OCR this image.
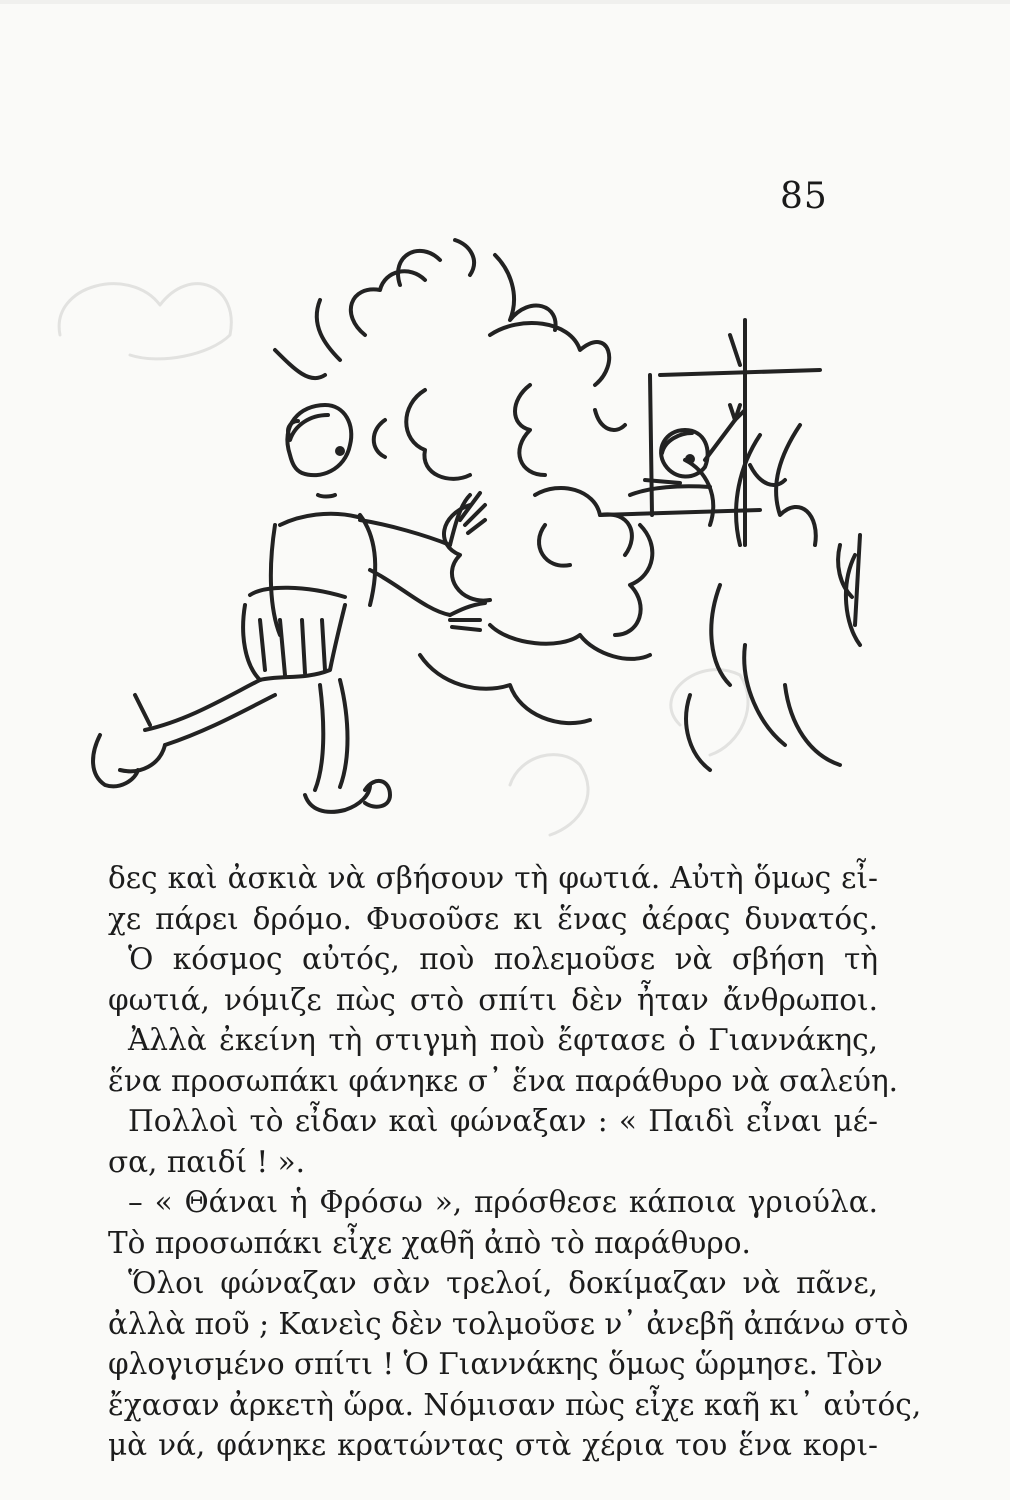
85
δες καὶ ἀσκιὰ νὰ σβήσουν τὴ φωτιά. Αὐτὴ ὅμως εἶ-
χε πάρει δρόμο. Φυσοῦσε κι ἕνας ἀέρας δυνατός.
Ὁ κόσμος αὐτός, ποὺ πολεμοῦσε νὰ σβήση τὴ
φωτιά, νόμιζε πὼς στὸ σπίτι δὲν ἦταν ἄνθρωποι.
Ἀλλὰ ἐκείνη τὴ στιγμὴ ποὺ ἔφτασε ὁ Γιαννάκης,
ἕνα προσωπάκι φάνηκε σ᾽ ἕνα παράθυρο νὰ σαλεύη.
Πολλοὶ τὸ εἶδαν καὶ φώναξαν : « Παιδὶ εἶναι μέ-
σα, παιδί ! ».
– « Θάναι ἡ Φρόσω », πρόσθεσε κάποια γριούλα.
Τὸ προσωπάκι εἶχε χαθῆ ἀπὸ τὸ παράθυρο.
Ὅλοι φώναζαν σὰν τρελοί, δοκίμαζαν νὰ πᾶνε,
ἀλλὰ ποῦ ; Κανεὶς δὲν τολμοῦσε ν᾽ ἀνεβῆ ἀπάνω στὸ
φλογισμένο σπίτι ! Ὁ Γιαννάκης ὅμως ὥρμησε. Τὸν
ἔχασαν ἀρκετὴ ὥρα. Νόμισαν πὼς εἶχε καῆ κι᾽ αὐτός,
μὰ νά, φάνηκε κρατώντας στὰ χέρια του ἕνα κορι-
